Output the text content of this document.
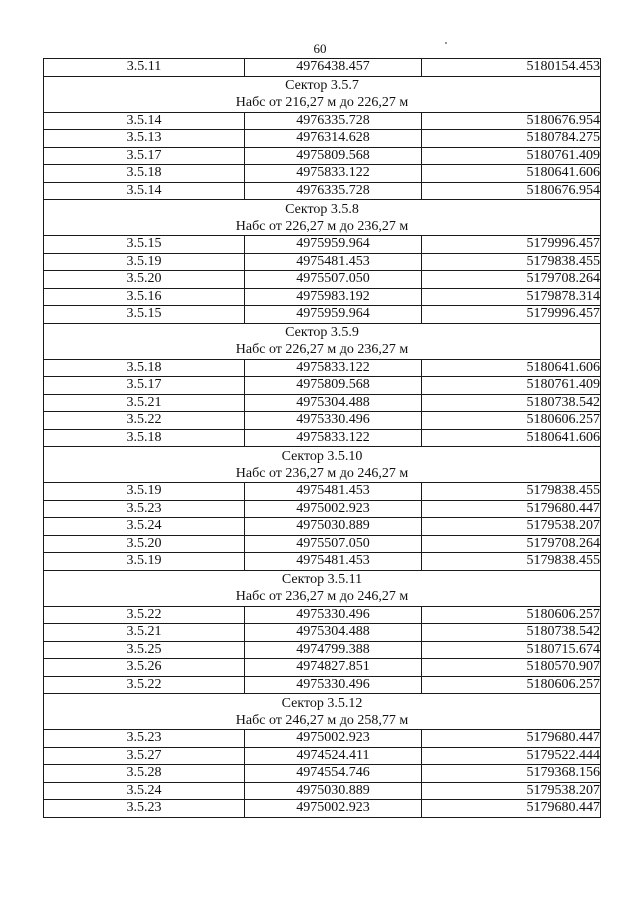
60
3.5.11	4976438.457	5180154.453

Сектор 3.5.7
Набс от 216,27 м до 226,27 м		

3.5.14	4976335.728	5180676.954
3.5.13	4976314.628	5180784.275
3.5.17	4975809.568	5180761.409
3.5.18	4975833.122	5180641.606
3.5.14	4976335.728	5180676.954

Сектор 3.5.8
Набс от 226,27 м до 236,27 м		

3.5.15	4975959.964	5179996.457
3.5.19	4975481.453	5179838.455
3.5.20	4975507.050	5179708.264
3.5.16	4975983.192	5179878.314
3.5.15	4975959.964	5179996.457

Сектор 3.5.9
Набс от 226,27 м до 236,27 м		

3.5.18	4975833.122	5180641.606
3.5.17	4975809.568	5180761.409
3.5.21	4975304.488	5180738.542
3.5.22	4975330.496	5180606.257
3.5.18	4975833.122	5180641.606

Сектор 3.5.10
Набс от 236,27 м до 246,27 м		

3.5.19	4975481.453	5179838.455
3.5.23	4975002.923	5179680.447
3.5.24	4975030.889	5179538.207
3.5.20	4975507.050	5179708.264
3.5.19	4975481.453	5179838.455

Сектор 3.5.11
Набс от 236,27 м до 246,27 м		

3.5.22	4975330.496	5180606.257
3.5.21	4975304.488	5180738.542
3.5.25	4974799.388	5180715.674
3.5.26	4974827.851	5180570.907
3.5.22	4975330.496	5180606.257

Сектор 3.5.12
Набс от 246,27 м до 258,77 м		

3.5.23	4975002.923	5179680.447
3.5.27	4974524.411	5179522.444
3.5.28	4974554.746	5179368.156
3.5.24	4975030.889	5179538.207
3.5.23	4975002.923	5179680.447
